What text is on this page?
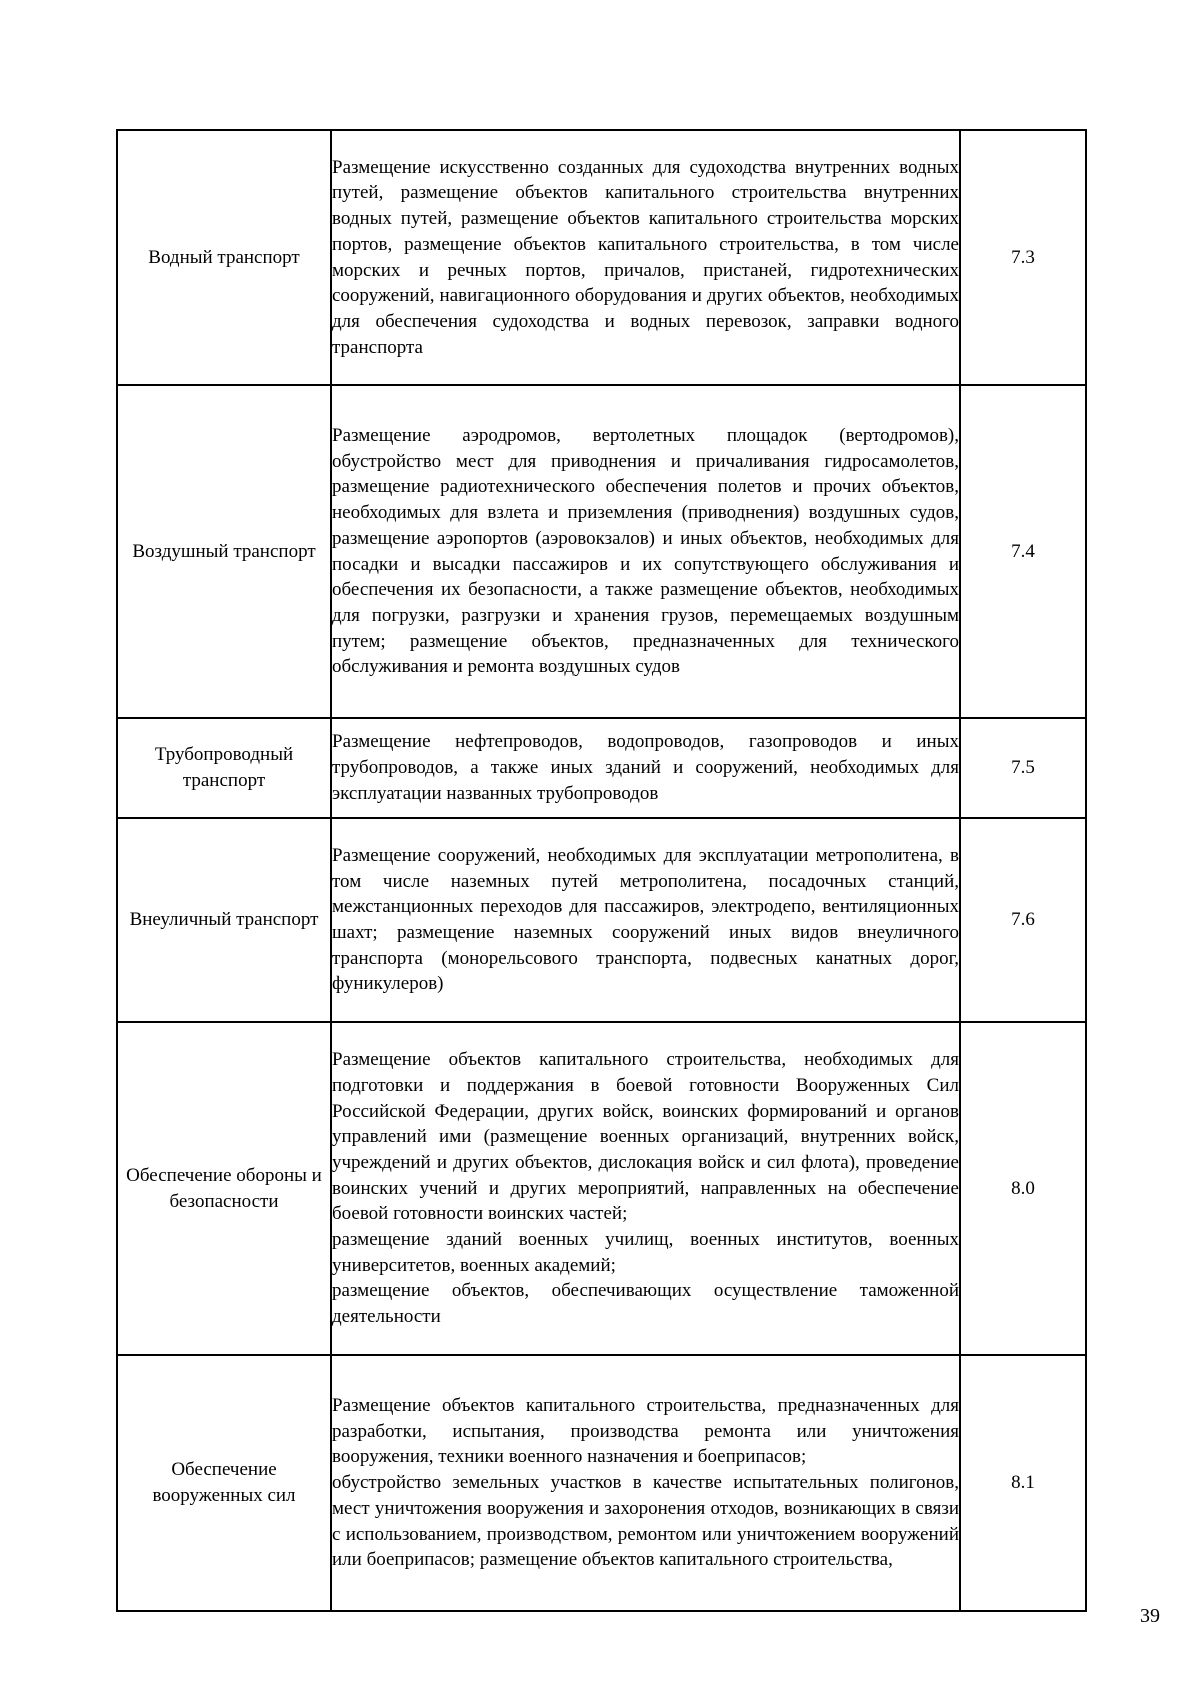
Водный транспорт	Размещение искусственно созданных для судоходства внутренних водных путей, размещение объектов капитального строительства внутренних водных путей, размещение объектов капитального строительства морских портов, размещение объектов капитального строительства, в том числе морских и речных портов, причалов, пристаней, гидротехнических сооружений, навигационного оборудования и других объектов, необходимых для обеспечения судоходства и водных перевозок, заправки водного транспорта	7.3
Воздушный транспорт	Размещение аэродромов, вертолетных площадок (вертодромов), обустройство мест для приводнения и причаливания гидросамолетов, размещение радиотехнического обеспечения полетов и прочих объектов, необходимых для взлета и приземления (приводнения) воздушных судов, размещение аэропортов (аэровокзалов) и иных объектов, необходимых для посадки и высадки пассажиров и их сопутствующего обслуживания и обеспечения их безопасности, а также размещение объектов, необходимых для погрузки, разгрузки и хранения грузов, перемещаемых воздушным путем; размещение объектов, предназначенных для технического обслуживания и ремонта воздушных судов	7.4
Трубопроводный транспорт	Размещение нефтепроводов, водопроводов, газопроводов и иных трубопроводов, а также иных зданий и сооружений, необходимых для эксплуатации названных трубопроводов	7.5
Внеуличный транспорт	Размещение сооружений, необходимых для эксплуатации метрополитена, в том числе наземных путей метрополитена, посадочных станций, межстанционных переходов для пассажиров, электродепо, вентиляционных шахт; размещение наземных сооружений иных видов внеуличного транспорта (монорельсового транспорта, подвесных канатных дорог, фуникулеров)	7.6
Обеспечение обороны и безопасности	Размещение объектов капитального строительства, необходимых для подготовки и поддержания в боевой готовности Вооруженных Сил Российской Федерации, других войск, воинских формирований и органов управлений ими (размещение военных организаций, внутренних войск, учреждений и других объектов, дислокация войск и сил флота), проведение воинских учений и других мероприятий, направленных на обеспечение боевой готовности воинских частей;

размещение зданий военных училищ, военных институтов, военных университетов, военных академий;

размещение объектов, обеспечивающих осуществление таможенной деятельности	8.0
Обеспечение вооруженных сил	Размещение объектов капитального строительства, предназначенных для разработки, испытания, производства ремонта или уничтожения вооружения, техники военного назначения и боеприпасов;

обустройство земельных участков в качестве испытательных полигонов, мест уничтожения вооружения и захоронения отходов, возникающих в связи с использованием, производством, ремонтом или уничтожением вооружений или боеприпасов; размещение объектов капитального строительства,	8.1
39
